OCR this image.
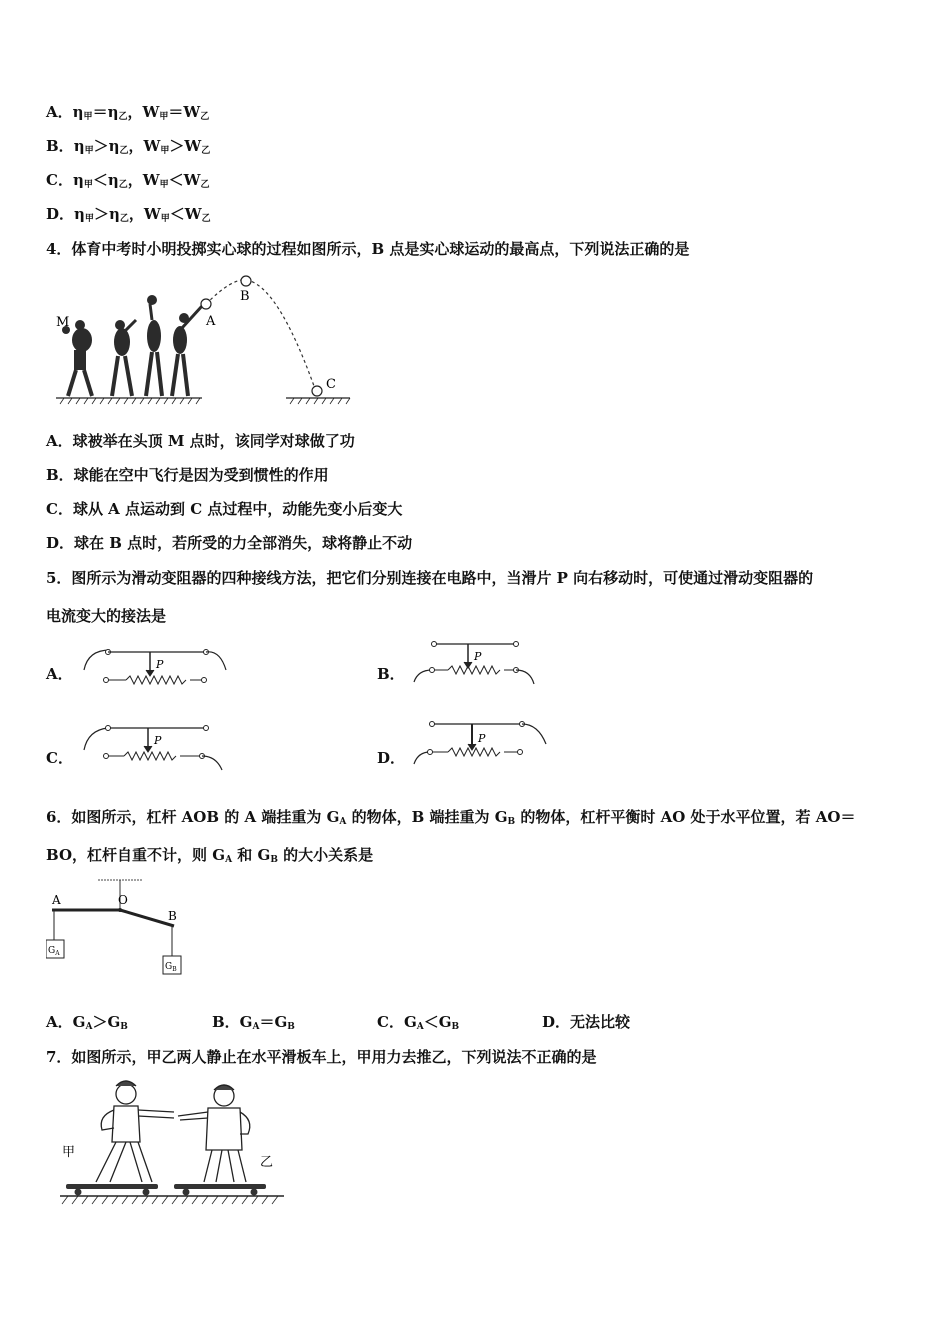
A．$\eta_甲=\eta_乙$，$W_甲=W_乙$
B．$\eta_甲>\eta_乙$，$W_甲>W_乙$
C．$\eta_甲<\eta_乙$，$W_甲<W_乙$
D．$\eta_甲>\eta_乙$，$W_甲<W_乙$
4．体育中考时小明投掷实心球的过程如图所示，B 点是实心球运动的最高点，下列说法正确的是
M	A
B
C
A．球被举在头顶 M 点时，该同学对球做了功
B．球能在空中飞行是因为受到惯性的作用
C．球从 A 点运动到 C 点过程中，动能先变小后变大
D．球在 B 点时，若所受的力全部消失，球将静止不动
5．图所示为滑动变阻器的四种接线方法，把它们分别连接在电路中，当滑片 P 向右移动时，可使通过滑动变阻器的
电流变大的接法是
A．
P
B．
P
C．
P
D．
P
6．如图所示，杠杆 AOB 的 A 端挂重为 $G_A$ 的物体，B 端挂重为 $G_B$ 的物体，杠杆平衡时 AO 处于水平位置，若 AO＝
BO，杠杆自重不计，则 $G_A$ 和 $G_B$ 的大小关系是
A	O
B
$G_A$
$G_B$
A．$G_A>G_B$	B．$G_A=G_B$	C．$G_A<G_B$	D．无法比较
7．如图所示，甲乙两人静止在水平滑板车上，甲用力去推乙，下列说法不正确的是
甲
乙
